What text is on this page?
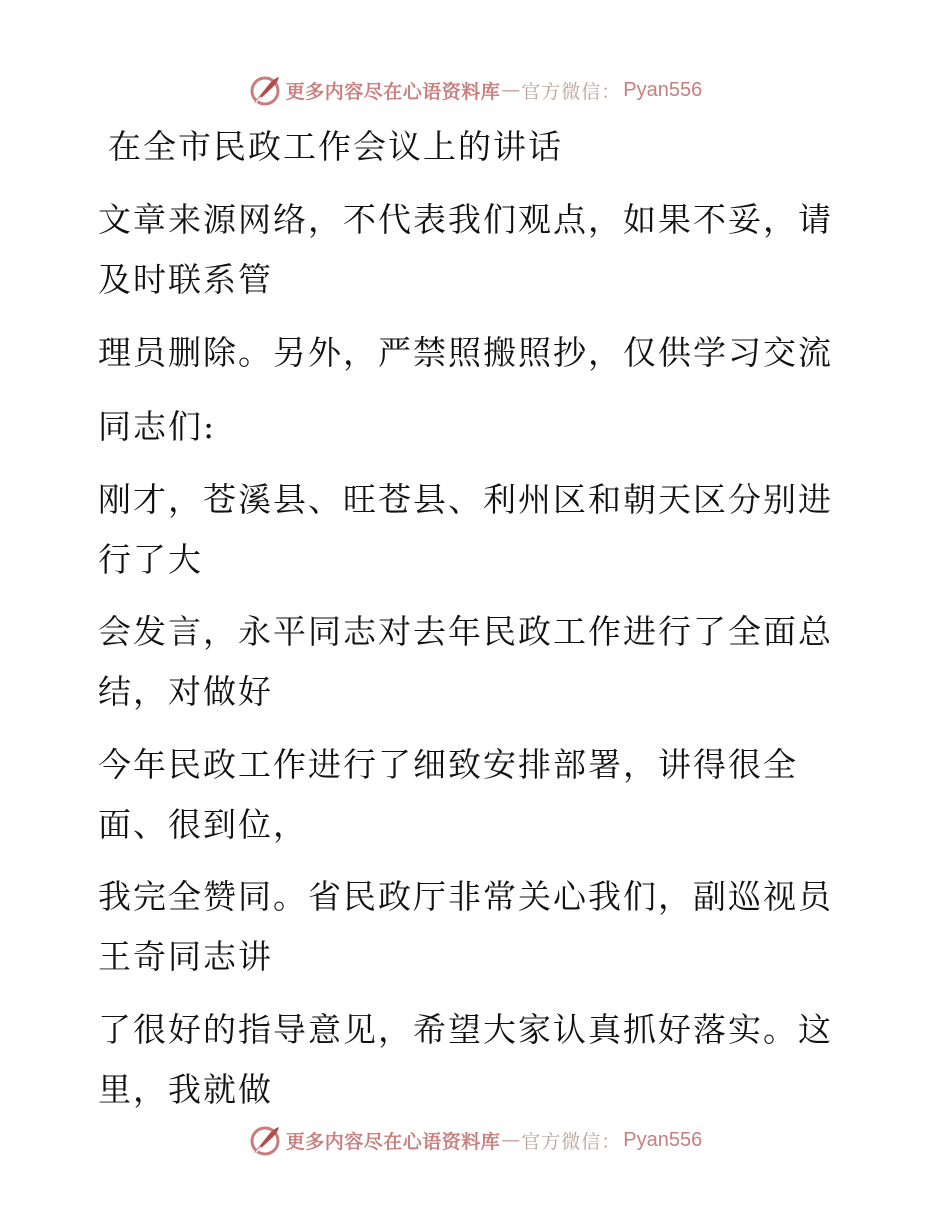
更多内容尽在心语资料库 — 官方微信： Pyan556
在全市民政工作会议上的讲话
文章来源网络，不代表我们观点，如果不妥，请
及时联系管
理员删除。另外，严禁照搬照抄，仅供学习交流
同志们:
刚才，苍溪县、旺苍县、利州区和朝天区分别进
行了大
会发言，永平同志对去年民政工作进行了全面总
结，对做好
今年民政工作进行了细致安排部署，讲得很全
面、很到位，
我完全赞同。省民政厅非常关心我们，副巡视员
王奇同志讲
了很好的指导意见，希望大家认真抓好落实。这
里，我就做
更多内容尽在心语资料库 — 官方微信： Pyan556
